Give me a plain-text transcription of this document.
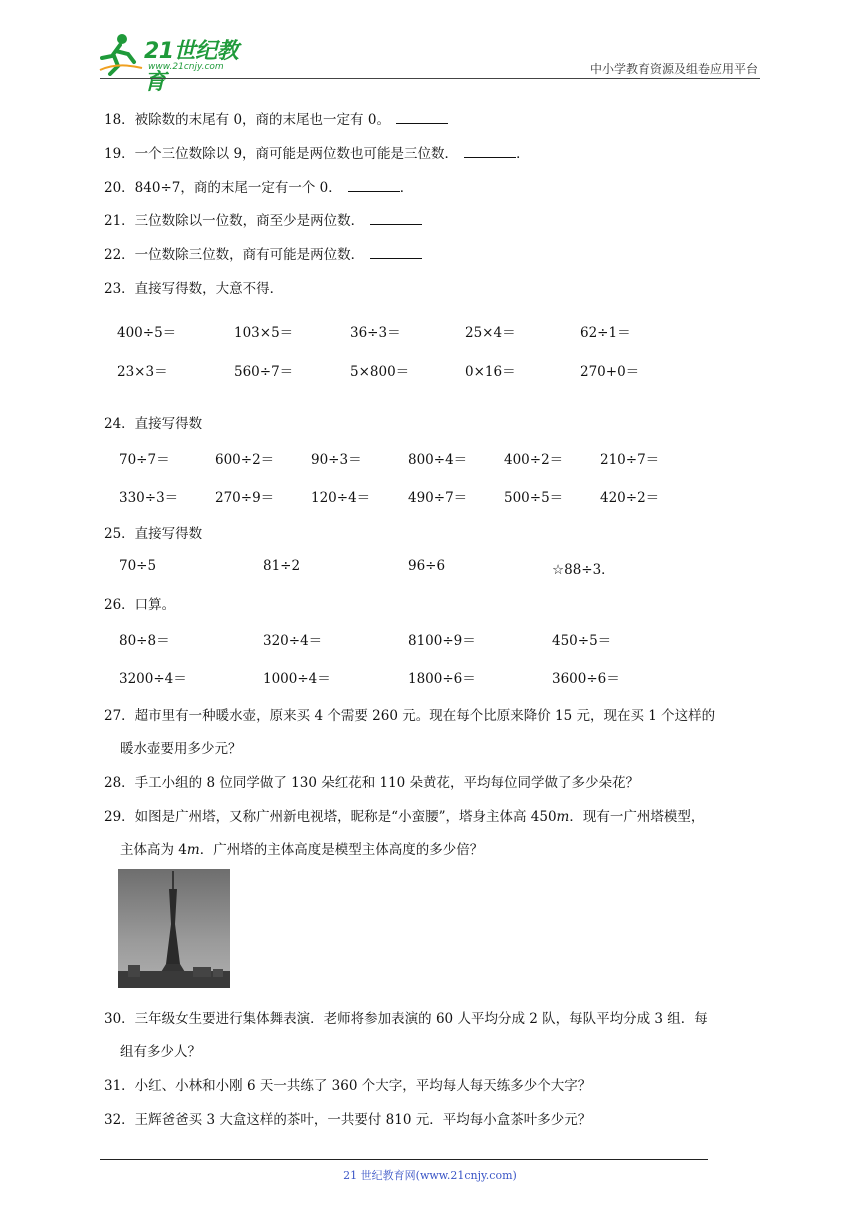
21世纪教育
www.21cnjy.com	中小学教育资源及组卷应用平台
18．被除数的末尾有 0，商的末尾也一定有 0。
19．一个三位数除以 9，商可能是两位数也可能是三位数．	．
20．840÷7，商的末尾一定有一个 0．	．
21．三位数除以一位数，商至少是两位数．
22．一位数除三位数，商有可能是两位数．
23．直接写得数，大意不得．
400÷5＝	103×5＝	36÷3＝	25×4＝	62÷1＝
23×3＝	560÷7＝	5×800＝	0×16＝	270+0＝
24．直接写得数
70÷7＝	600÷2＝	90÷3＝	800÷4＝	400÷2＝	210÷7＝
330÷3＝	270÷9＝	120÷4＝	490÷7＝	500÷5＝	420÷2＝
25．直接写得数
70÷5	81÷2	96÷6	☆88÷3．
26．口算。
80÷8＝	320÷4＝	8100÷9＝	450÷5＝
3200÷4＝	1000÷4＝	1800÷6＝	3600÷6＝
27．超市里有一种暖水壶，原来买 4 个需要 260 元。现在每个比原来降价 15 元，现在买 1 个这样的
暖水壶要用多少元？
28．手工小组的 8 位同学做了 130 朵红花和 110 朵黄花，平均每位同学做了多少朵花？
29．如图是广州塔，又称广州新电视塔，昵称是“小蛮腰”，塔身主体高 450m．现有一广州塔模型，
主体高为 4m．广州塔的主体高度是模型主体高度的多少倍？
30．三年级女生要进行集体舞表演．老师将参加表演的 60 人平均分成 2 队，每队平均分成 3 组．每
组有多少人？
31．小红、小林和小刚 6 天一共练了 360 个大字，平均每人每天练多少个大字？
32．王辉爸爸买 3 大盒这样的茶叶，一共要付 810 元．平均每小盒茶叶多少元？
21 世纪教育网(www.21cnjy.com)
